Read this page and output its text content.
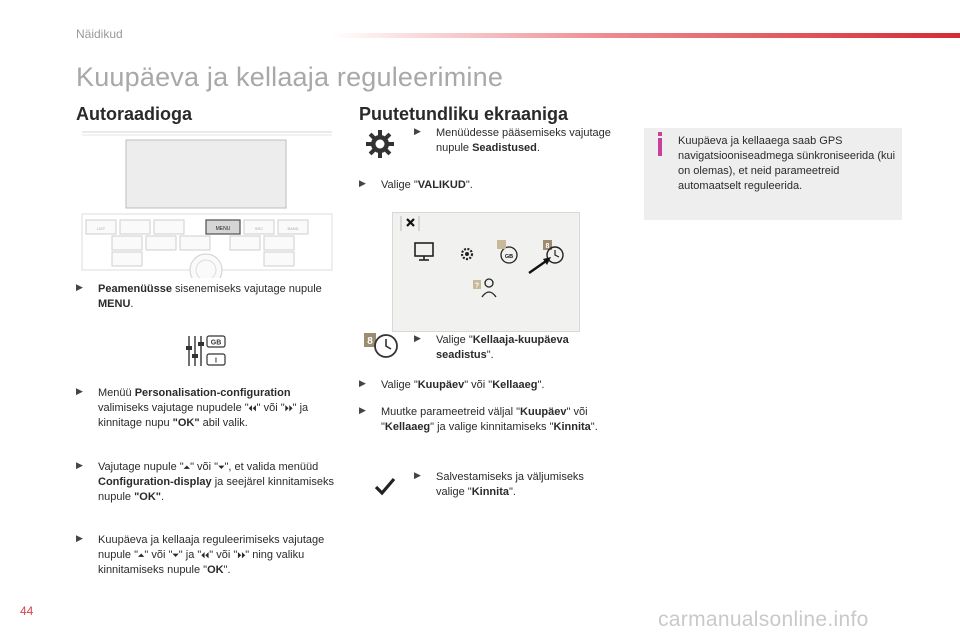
Näidikud
Kuupäeva ja kellaaja reguleerimine
Autoraadioga
MENU	SRC	BAND
LIST
▶	Peamenüüsse sisenemiseks vajutage nupule MENU.
GB
I
▶	Menüü Personalisation-configuration valimiseks vajutage nupudele "⏴⏴" või "⏵⏵" ja kinnitage nupu "OK" abil valik.
▶	Vajutage nupule "⏶" või "⏷", et valida menüüd Configuration-display ja seejärel kinnitamiseks nupule "OK".
▶	Kuupäeva ja kellaaja reguleerimiseks vajutage nupule "⏶" või "⏷" ja "⏴⏴" või "⏵⏵" ning valiku kinnitamiseks nupule "OK".
Puutetundliku ekraaniga
▶	Menüüdesse pääsemiseks vajutage nupule Seadistused.
▶	Valige "VALIKUD".
GB
8
?
8	▶	Valige "Kellaaja-kuupäeva seadistus".
▶	Valige "Kuupäev" või "Kellaaeg".
▶	Muutke parameetreid väljal "Kuupäev" või "Kellaaeg" ja valige kinnitamiseks "Kinnita".
▶	Salvestamiseks ja väljumiseks valige "Kinnita".
Kuupäeva ja kellaaega saab GPS navigatsiooniseadmega sünkroniseerida (kui on olemas), et neid parameetreid automaatselt reguleerida.
44	carmanualsonline.info
